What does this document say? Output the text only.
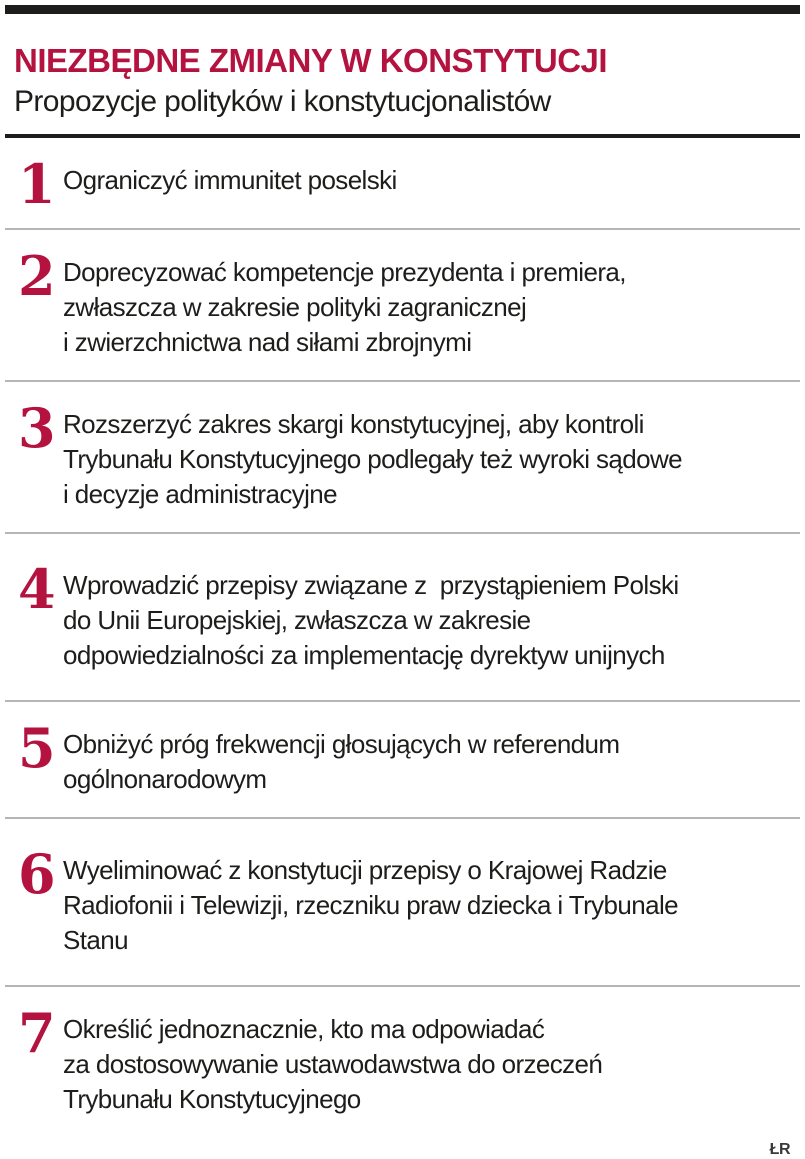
NIEZBĘDNE ZMIANY W KONSTYTUCJI
Propozycje polityków i konstytucjonalistów
1 Ograniczyć immunitet poselski
2 Doprecyzować kompetencje prezydenta i premiera,
zwłaszcza w zakresie polityki zagranicznej
i zwierzchnictwa nad siłami zbrojnymi
3 Rozszerzyć zakres skargi konstytucyjnej, aby kontroli
Trybunału Konstytucyjnego podlegały też wyroki sądowe
i decyzje administracyjne
4 Wprowadzić przepisy związane z  przystąpieniem Polski
do Unii Europejskiej, zwłaszcza w zakresie
odpowiedzialności za implementację dyrektyw unijnych
5 Obniżyć próg frekwencji głosujących w referendum
ogólnonarodowym
6 Wyeliminować z konstytucji przepisy o Krajowej Radzie
Radiofonii i Telewizji, rzeczniku praw dziecka i Trybunale
Stanu
7 Określić jednoznacznie, kto ma odpowiadać
za dostosowywanie ustawodawstwa do orzeczeń
Trybunału Konstytucyjnego
ŁR
